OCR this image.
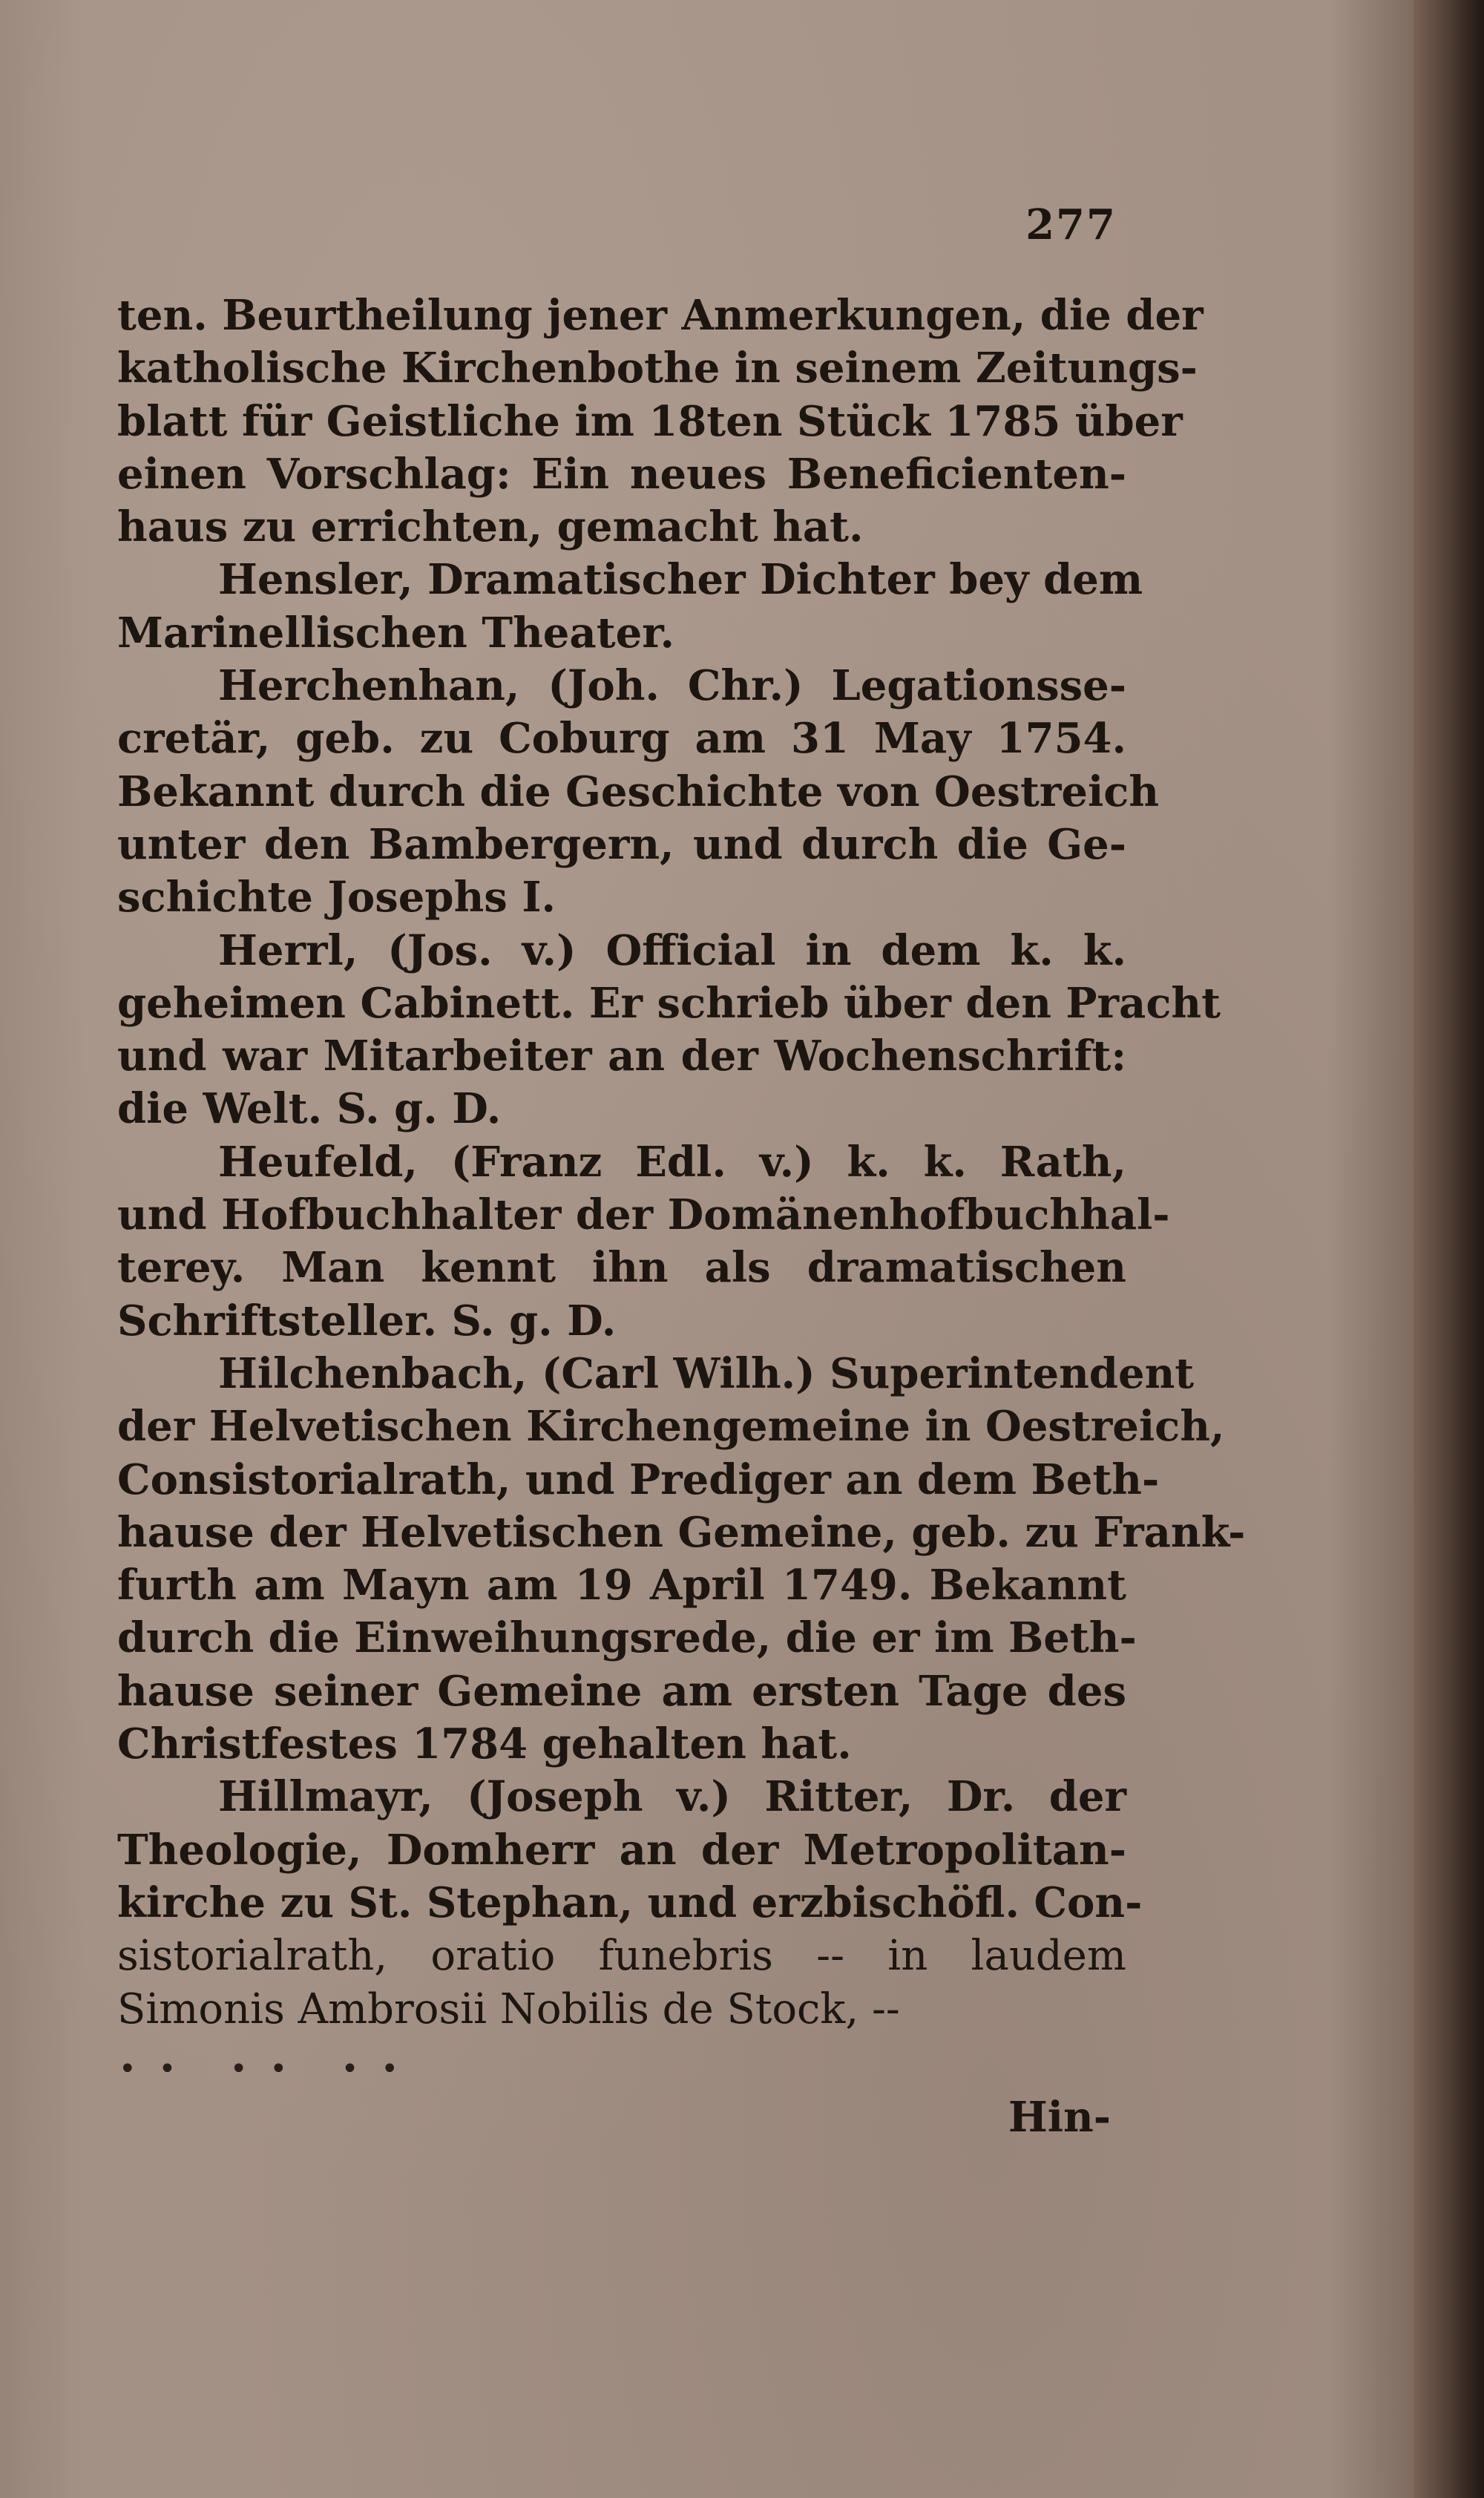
277
ten. Beurtheilung jener Anmerkungen, die der
katholische Kirchenbothe in seinem Zeitungs-
blatt für Geistliche im 18ten Stück 1785 über
einen Vorschlag: Ein neues Beneficienten-
haus zu errichten, gemacht hat.
Hensler, Dramatischer Dichter bey dem
Marinellischen Theater.
Herchenhan, (Joh. Chr.) Legationsse-
cretär, geb. zu Coburg am 31 May 1754.
Bekannt durch die Geschichte von Oestreich
unter den Bambergern, und durch die Ge-
schichte Josephs I.
Herrl, (Jos. v.) Official in dem k. k.
geheimen Cabinett. Er schrieb über den Pracht
und war Mitarbeiter an der Wochenschrift:
die Welt. S. g. D.
Heufeld, (Franz Edl. v.) k. k. Rath,
und Hofbuchhalter der Domänenhofbuchhal-
terey. Man kennt ihn als dramatischen
Schriftsteller. S. g. D.
Hilchenbach, (Carl Wilh.) Superintendent
der Helvetischen Kirchengemeine in Oestreich,
Consistorialrath, und Prediger an dem Beth-
hause der Helvetischen Gemeine, geb. zu Frank-
furth am Mayn am 19 April 1749. Bekannt
durch die Einweihungsrede, die er im Beth-
hause seiner Gemeine am ersten Tage des
Christfestes 1784 gehalten hat.
Hillmayr, (Joseph v.) Ritter, Dr. der
Theologie, Domherr an der Metropolitan-
kirche zu St. Stephan, und erzbischöfl. Con-
sistorialrath, oratio funebris -- in laudem
Simonis Ambrosii Nobilis de Stock, --
•• •• ••
Hin-
